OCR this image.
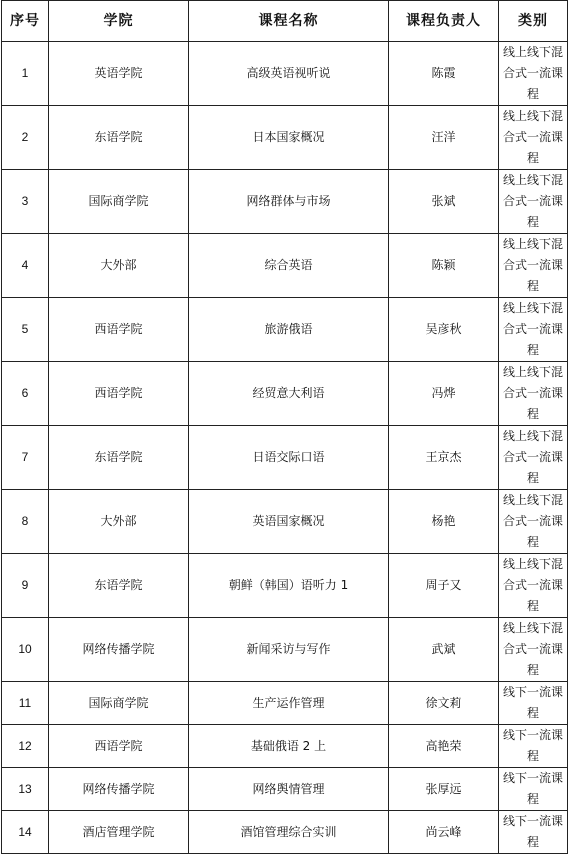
序号	学院	课程名称	课程负责人	类别
1	英语学院	高级英语视听说	陈霞	线上线下混合式一流课程
2	东语学院	日本国家概况	汪洋	线上线下混合式一流课程
3	国际商学院	网络群体与市场	张斌	线上线下混合式一流课程
4	大外部	综合英语	陈颖	线上线下混合式一流课程
5	西语学院	旅游俄语	吴彦秋	线上线下混合式一流课程
6	西语学院	经贸意大利语	冯烨	线上线下混合式一流课程
7	东语学院	日语交际口语	王京杰	线上线下混合式一流课程
8	大外部	英语国家概况	杨艳	线上线下混合式一流课程
9	东语学院	朝鲜（韩国）语听力 1	周子又	线上线下混合式一流课程
10	网络传播学院	新闻采访与写作	武斌	线上线下混合式一流课程
11	国际商学院	生产运作管理	徐文莉	线下一流课程
12	西语学院	基础俄语 2 上	高艳荣	线下一流课程
13	网络传播学院	网络舆情管理	张厚远	线下一流课程
14	酒店管理学院	酒馆管理综合实训	尚云峰	线下一流课程
